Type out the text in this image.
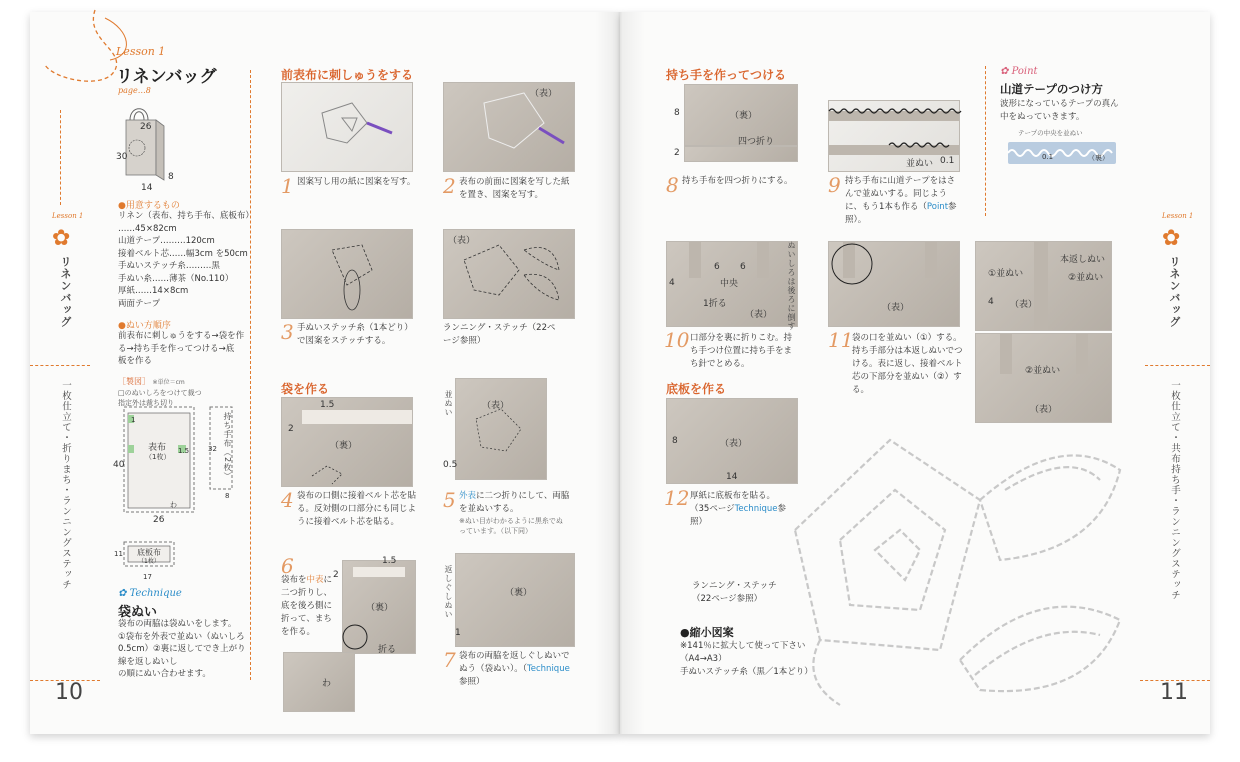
Lesson 1
リネンバッグ
page…8
26
30
8
14
●用意するもの
リネン（表布、持ち手布、底板布）
……45×82cm
山道テープ………120cm
接着ベルト芯……幅3cm を50cm
手ぬいステッチ糸………黒
手ぬい糸……薄茶（No.110）
厚紙……14×8cm
両面テープ
●ぬい方順序
前表布に刺しゅうをする→袋を作
る→持ち手を作ってつける→底
板を作る
［製図］ ※単位＝cm
□のぬいしろをつけて裁つ
指定外は裁ち切り
表布
（1枚）
40
26
1
1.5	持ち手布（2枚）
32
8
わ
底板布
（1枚）
11
17
✿ Technique
袋ぬい
袋布の両脇は袋ぬいをします。
①袋布を外表で並ぬい（ぬいしろ
0.5cm）②裏に返してでき上がり
線を返しぬいし
の順にぬい合わせます。
Lesson 1
✿
リネンバッグ
一枚仕立て・折りまち・ランニングステッチ
10
前表布に刺しゅうをする
1 図案写し用の紙に図案を写す。
（表）
2 表布の前面に図案を写した紙を置き、図案を写す。
3 手ぬいステッチ糸（1本どり）で図案をステッチする。
（表）
ランニング・ステッチ（22ページ参照）
袋を作る
1.5
2
（裏）
4 袋布の口側に接着ベルト芯を貼る。反対側の口部分にも同じように接着ベルト芯を貼る。
（表）
並ぬい
0.5
5 外表に二つ折りにして、両脇を並ぬいする。
※ぬい目がわかるように黒糸でぬっています。（以下同）
6
袋布を中表に二つ折りし、底を後ろ側に折って、まちを作る。
1.5
2
（裏）
折る
わ
（裏）
返しぐしぬい
1
7 袋布の両脇を返しぐしぬいでぬう（袋ぬい）。（Technique参照）
持ち手を作ってつける
（裏）
8
2
四つ折り
8 持ち手布を四つ折りにする。
並ぬい 0.1
9 持ち手布に山道テープをはさんで並ぬいする。同じように、もう1本も作る（Point参照）。
✿ Point
山道テープのつけ方
波形になっているテープの真ん
中をぬっていきます。
テープの中央を並ぬい
0.1	（裏）
6 6
中央
4
1折る
（表） ぬいしろは後ろに倒す
10 口部分を裏に折りこむ。持ち手つけ位置に持ち手をまち針でとめる。
（表）
①並ぬい
本返しぬい
②並ぬい
4 （表）
②並ぬい
（表）
11
袋の口を並ぬい（①）する。持ち手部分は本返しぬいでつける。表に返し、接着ベルト芯の下部分を並ぬい（②）する。
底板を作る
（表）
8
14
12 厚紙に底板布を貼る。（35ページTechnique参照）
ランニング・ステッチ
（22ページ参照）
●縮小図案
※141％に拡大して使って下さい
（A4→A3）
手ぬいステッチ糸（黒／1本どり）
Lesson 1
✿
リネンバッグ
一枚仕立て・共布持ち手・ランニングステッチ
11
